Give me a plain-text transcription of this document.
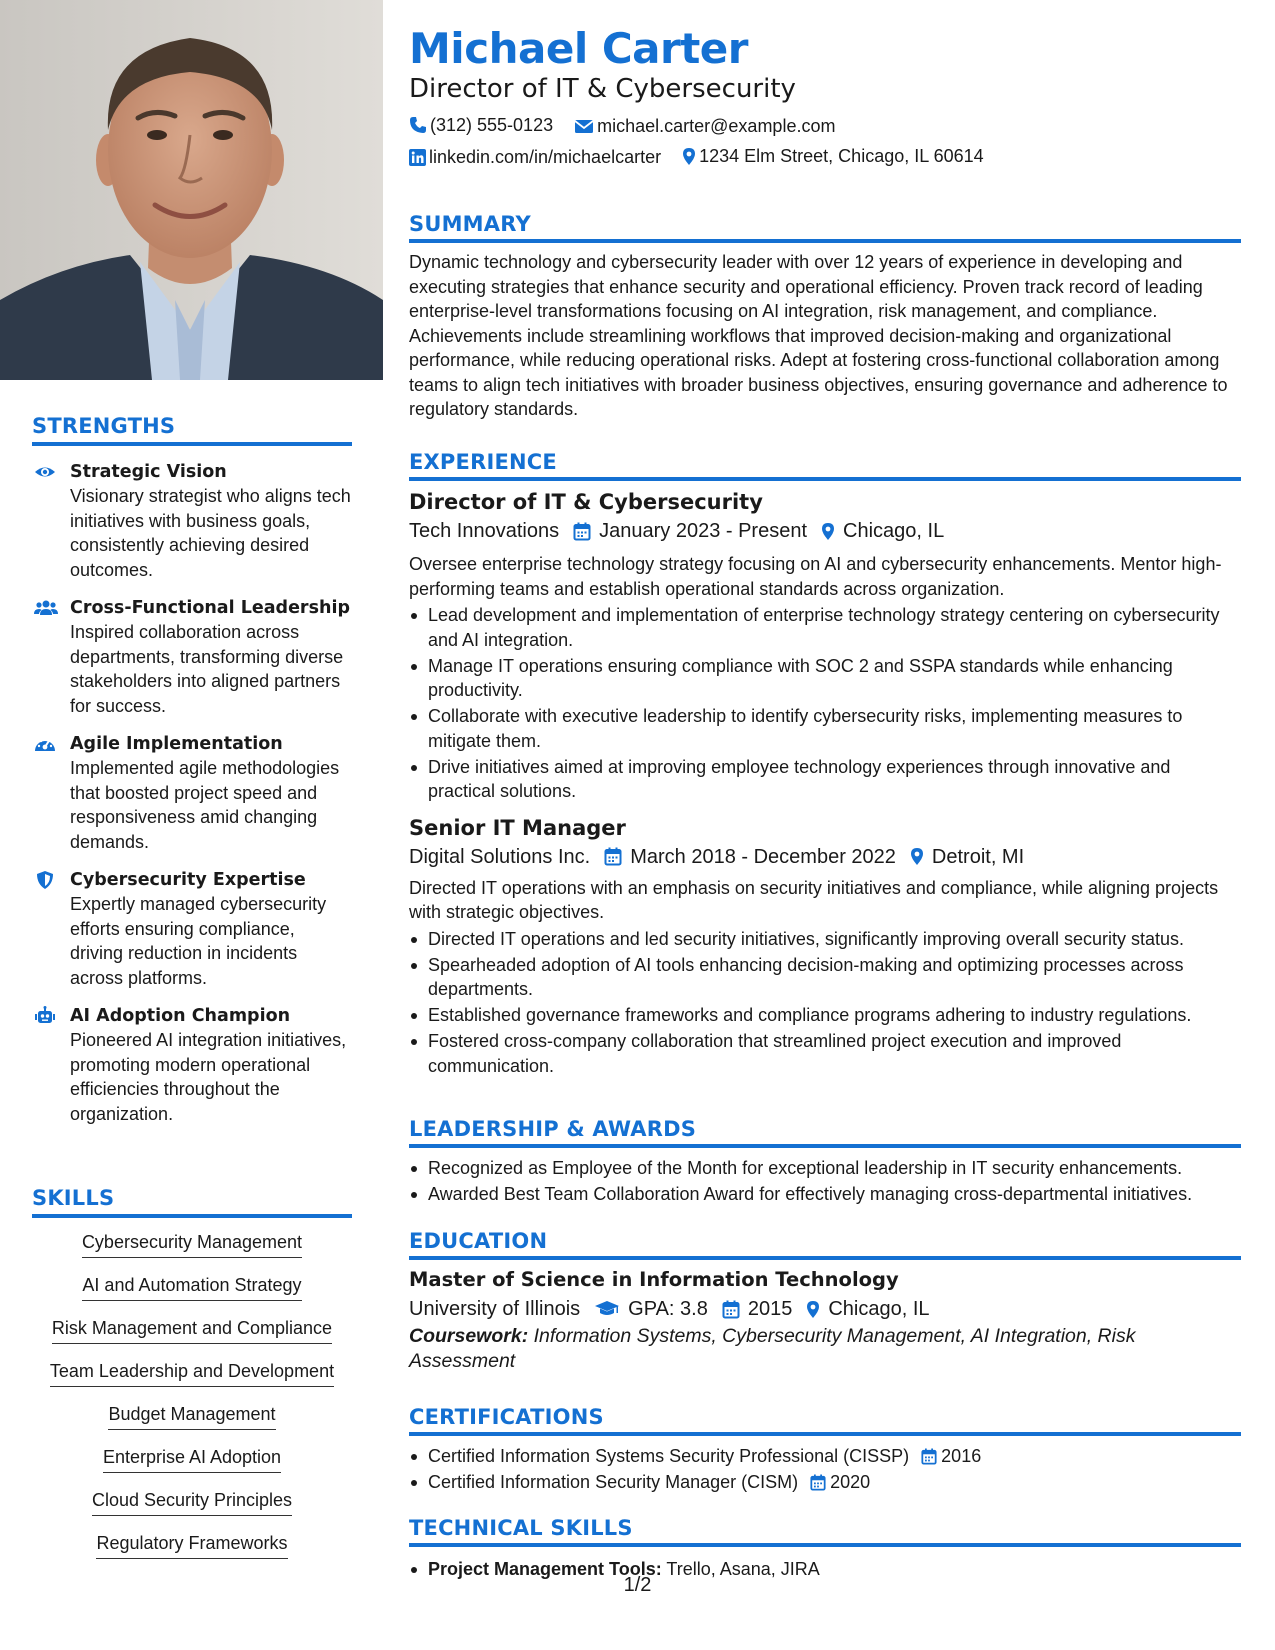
STRENGTHS
Strategic Vision
Visionary strategist who aligns tech initiatives with business goals, consistently achieving desired outcomes.
Cross-Functional Leadership
Inspired collaboration across departments, transforming diverse stakeholders into aligned partners for success.
Agile Implementation
Implemented agile methodologies that boosted project speed and responsiveness amid changing demands.
Cybersecurity Expertise
Expertly managed cybersecurity efforts ensuring compliance, driving reduction in incidents across platforms.
AI Adoption Champion
Pioneered AI integration initiatives, promoting modern operational efficiencies throughout the organization.
SKILLS
Cybersecurity Management
AI and Automation Strategy
Risk Management and Compliance
Team Leadership and Development
Budget Management
Enterprise AI Adoption
Cloud Security Principles
Regulatory Frameworks
Michael Carter
Director of IT & Cybersecurity
(312) 555-0123
michael.carter@example.com
linkedin.com/in/michaelcarter
1234 Elm Street, Chicago, IL 60614
SUMMARY
Dynamic technology and cybersecurity leader with over 12 years of experience in developing and executing strategies that enhance security and operational efficiency. Proven track record of leading enterprise-level transformations focusing on AI integration, risk management, and compliance. Achievements include streamlining workflows that improved decision-making and organizational performance, while reducing operational risks. Adept at fostering cross-functional collaboration among teams to align tech initiatives with broader business objectives, ensuring governance and adherence to regulatory standards.
EXPERIENCE
Director of IT & Cybersecurity
Tech Innovations January 2023 - Present Chicago, IL
Oversee enterprise technology strategy focusing on AI and cybersecurity enhancements. Mentor high-performing teams and establish operational standards across organization.
Lead development and implementation of enterprise technology strategy centering on cybersecurity and AI integration.
Manage IT operations ensuring compliance with SOC 2 and SSPA standards while enhancing productivity.
Collaborate with executive leadership to identify cybersecurity risks, implementing measures to mitigate them.
Drive initiatives aimed at improving employee technology experiences through innovative and practical solutions.
Senior IT Manager
Digital Solutions Inc. March 2018 - December 2022 Detroit, MI
Directed IT operations with an emphasis on security initiatives and compliance, while aligning projects with strategic objectives.
Directed IT operations and led security initiatives, significantly improving overall security status.
Spearheaded adoption of AI tools enhancing decision-making and optimizing processes across departments.
Established governance frameworks and compliance programs adhering to industry regulations.
Fostered cross-company collaboration that streamlined project execution and improved communication.
LEADERSHIP & AWARDS
Recognized as Employee of the Month for exceptional leadership in IT security enhancements.
Awarded Best Team Collaboration Award for effectively managing cross-departmental initiatives.
EDUCATION
Master of Science in Information Technology
University of Illinois GPA: 3.8 2015 Chicago, IL
Coursework: Information Systems, Cybersecurity Management, AI Integration, Risk Assessment
CERTIFICATIONS
Certified Information Systems Security Professional (CISSP) 2016
Certified Information Security Manager (CISM) 2020
TECHNICAL SKILLS
Project Management Tools: Trello, Asana, JIRA
1/2
